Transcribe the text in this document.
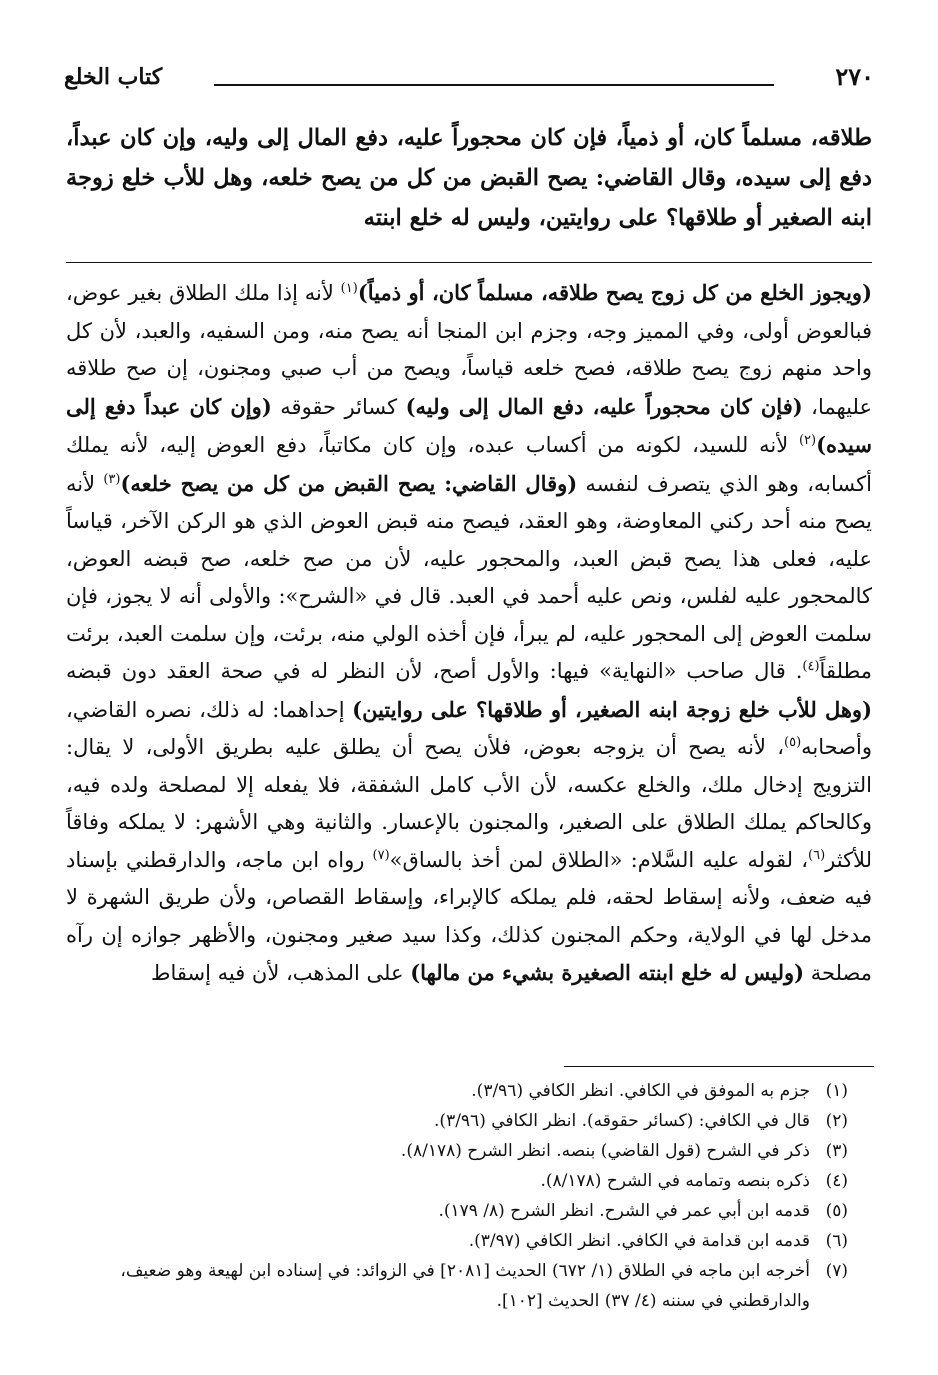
٢٧٠
كتاب الخلع

طلاقه، مسلماً كان، أو ذمياً، فإن كان محجوراً عليه، دفع المال إلى وليه، وإن كان عبداً، دفع إلى سيده، وقال القاضي: يصح القبض من كل من يصح خلعه، وهل للأب خلع زوجة ابنه الصغير أو طلاقها؟ على روايتين، وليس له خلع ابنته

(ويجوز الخلع من كل زوج يصح طلاقه، مسلماً كان، أو ذمياً)$^{(١)}$ لأنه إذا ملك الطلاق بغير عوض، فبالعوض أولى، وفي المميز وجه، وجزم ابن المنجا أنه يصح منه، ومن السفيه، والعبد، لأن كل واحد منهم زوج يصح طلاقه، فصح خلعه قياساً، ويصح من أب صبي ومجنون، إن صح طلاقه عليهما، (فإن كان محجوراً عليه، دفع المال إلى وليه) كسائر حقوقه (وإن كان عبداً دفع إلى سيده)$^{(٢)}$ لأنه للسيد، لكونه من أكساب عبده، وإن كان مكاتباً، دفع العوض إليه، لأنه يملك أكسابه، وهو الذي يتصرف لنفسه (وقال القاضي: يصح القبض من كل من يصح خلعه)$^{(٣)}$ لأنه يصح منه أحد ركني المعاوضة، وهو العقد، فيصح منه قبض العوض الذي هو الركن الآخر، قياساً عليه، فعلى هذا يصح قبض العبد، والمحجور عليه، لأن من صح خلعه، صح قبضه العوض، كالمحجور عليه لفلس، ونص عليه أحمد في العبد. قال في «الشرح»: والأولى أنه لا يجوز، فإن سلمت العوض إلى المحجور عليه، لم يبرأ، فإن أخذه الولي منه، برئت، وإن سلمت العبد، برئت مطلقاً$^{(٤)}$. قال صاحب «النهاية» فيها: والأول أصح، لأن النظر له في صحة العقد دون قبضه (وهل للأب خلع زوجة ابنه الصغير، أو طلاقها؟ على روايتين) إحداهما: له ذلك، نصره القاضي، وأصحابه$^{(٥)}$، لأنه يصح أن يزوجه بعوض، فلأن يصح أن يطلق عليه بطريق الأولى، لا يقال: التزويج إدخال ملك، والخلع عكسه، لأن الأب كامل الشفقة، فلا يفعله إلا لمصلحة ولده فيه، وكالحاكم يملك الطلاق على الصغير، والمجنون بالإعسار. والثانية وهي الأشهر: لا يملكه وفاقاً للأكثر$^{(٦)}$، لقوله عليه السَّلام: «الطلاق لمن أخذ بالساق»$^{(٧)}$ رواه ابن ماجه، والدارقطني بإسناد فيه ضعف، ولأنه إسقاط لحقه، فلم يملكه كالإبراء، وإسقاط القصاص، ولأن طريق الشهرة لا مدخل لها في الولاية، وحكم المجنون كذلك، وكذا سيد صغير ومجنون، والأظهر جوازه إن رآه مصلحة (وليس له خلع ابنته الصغيرة بشيء من مالها) على المذهب، لأن فيه إسقاط

(١)
جزم به الموفق في الكافي. انظر الكافي (٣/٩٦).
(٢)
قال في الكافي: (كسائر حقوقه). انظر الكافي (٣/٩٦).
(٣)
ذكر في الشرح (قول القاضي) بنصه. انظر الشرح (٨/١٧٨).
(٤)
ذكره بنصه وتمامه في الشرح (٨/١٧٨).
(٥)
قدمه ابن أبي عمر في الشرح. انظر الشرح (٨/ ١٧٩).
(٦)
قدمه ابن قدامة في الكافي. انظر الكافي (٣/٩٧).
(٧)
أخرجه ابن ماجه في الطلاق (١/ ٦٧٢) الحديث [٢٠٨١] في الزوائد: في إسناده ابن لهيعة وهو ضعيف، والدارقطني في سننه (٤/ ٣٧) الحديث [١٠٢].
